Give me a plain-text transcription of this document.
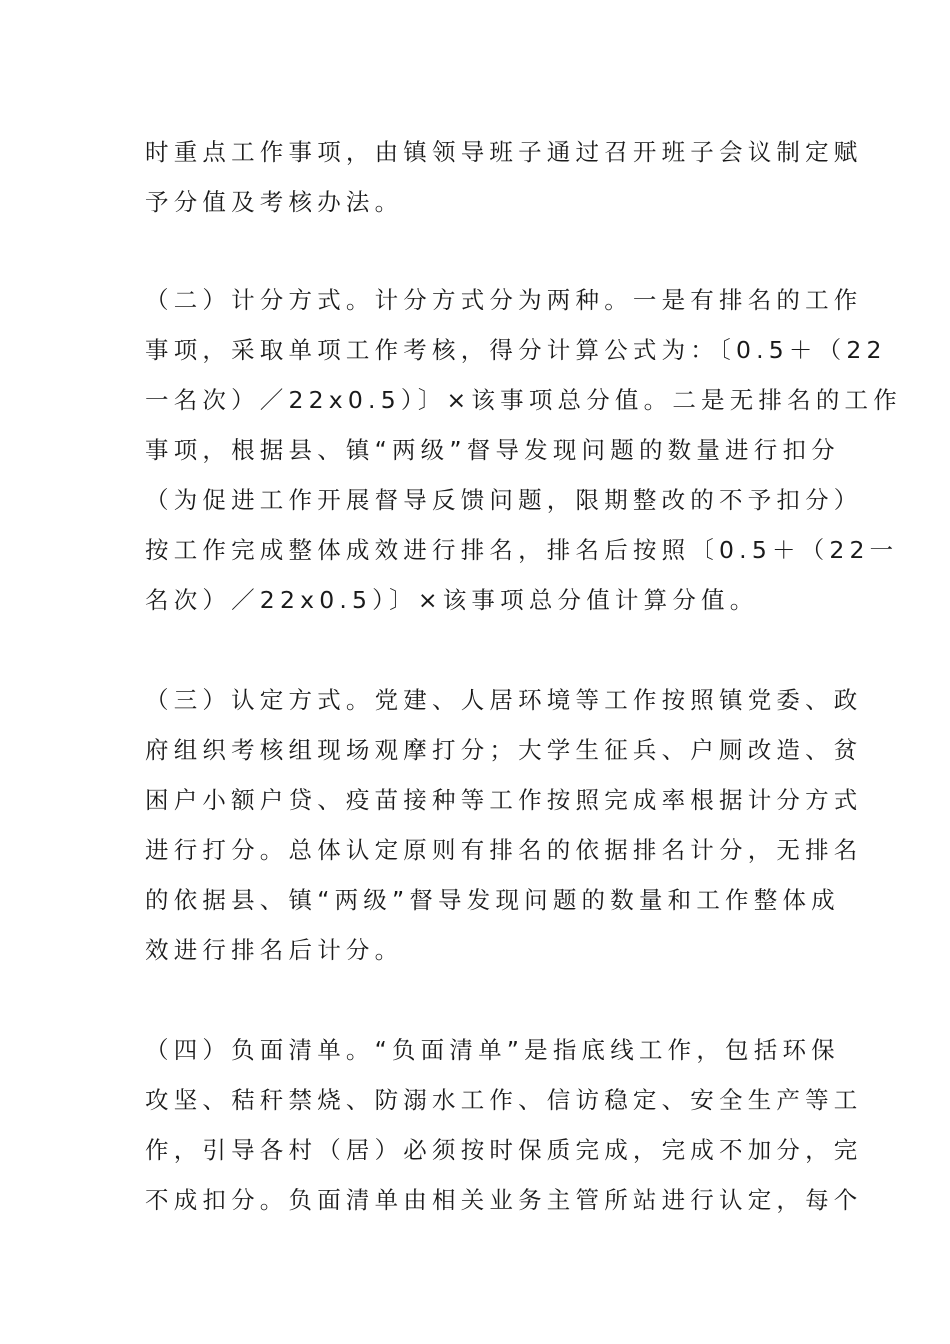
时重点工作事项，由镇领导班子通过召开班子会议制定赋
予分值及考核办法。
（二）计分方式。计分方式分为两种。一是有排名的工作
事项，采取单项工作考核，得分计算公式为：〔0.5＋（22
一名次）／22x0.5）〕×该事项总分值。二是无排名的工作
事项，根据县、镇“两级”督导发现问题的数量进行扣分
（为促进工作开展督导反馈问题，限期整改的不予扣分）
按工作完成整体成效进行排名，排名后按照〔0.5＋（22一
名次）／22x0.5）〕×该事项总分值计算分值。
（三）认定方式。党建、人居环境等工作按照镇党委、政
府组织考核组现场观摩打分；大学生征兵、户厕改造、贫
困户小额户贷、疫苗接种等工作按照完成率根据计分方式
进行打分。总体认定原则有排名的依据排名计分，无排名
的依据县、镇“两级”督导发现问题的数量和工作整体成
效进行排名后计分。
（四）负面清单。“负面清单”是指底线工作，包括环保
攻坚、秸秆禁烧、防溺水工作、信访稳定、安全生产等工
作，引导各村（居）必须按时保质完成，完成不加分，完
不成扣分。负面清单由相关业务主管所站进行认定，每个
